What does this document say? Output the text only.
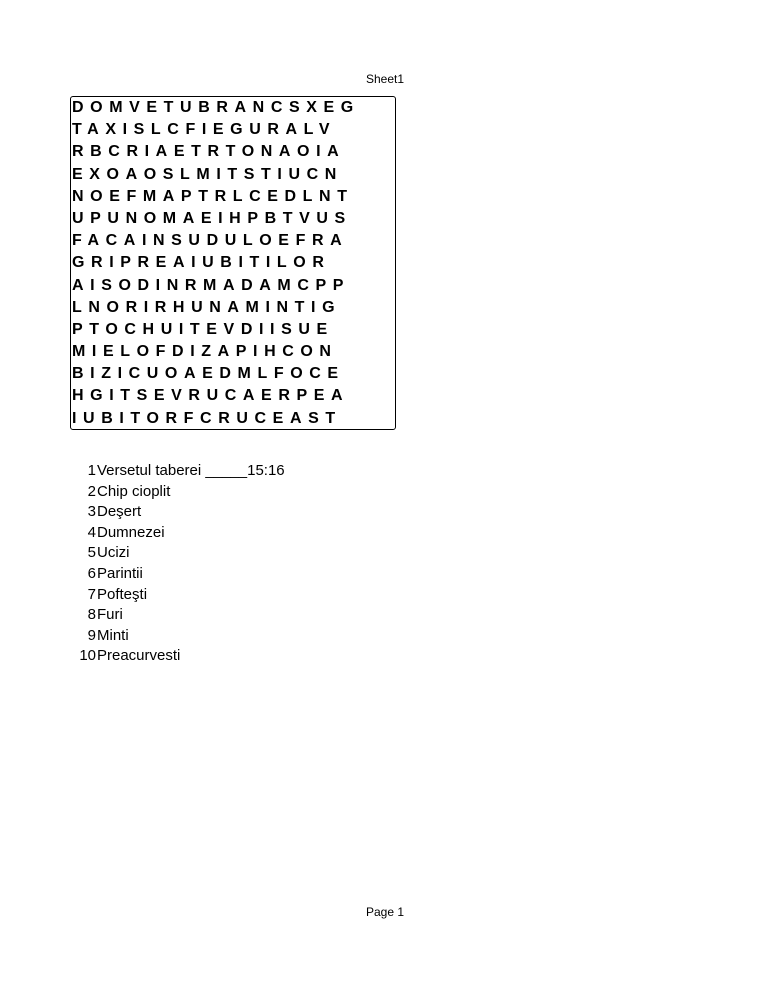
Sheet1
DOMVETUBRANCSXEG
TAXISLCFIEGURALV
RBCRIAETRTONAOIA
EXOAOSLMITSTIUCN
NOEFMAPTRLCEDLNT
UPUNOMAEIHPBTVUS
FACAINSUDULOEFRA
GRIPREAIUBITILOR
AISODINRMADAMCPP
LNORIRHUNAMINTIG
PTOCHUITEVDIISUE
MIELOFDIZAPIHCON
BIZICUOAEDMLFOCE
HGITSEVRUCAERPEA
IUBITORFCRUCEAST
1Versetul taberei _____15:16
2Chip cioplit
3Deşert
4Dumnezei
5Ucizi
6Parintii
7Pofteşti
8Furi
9Minti
10Preacurvesti
Page 1
